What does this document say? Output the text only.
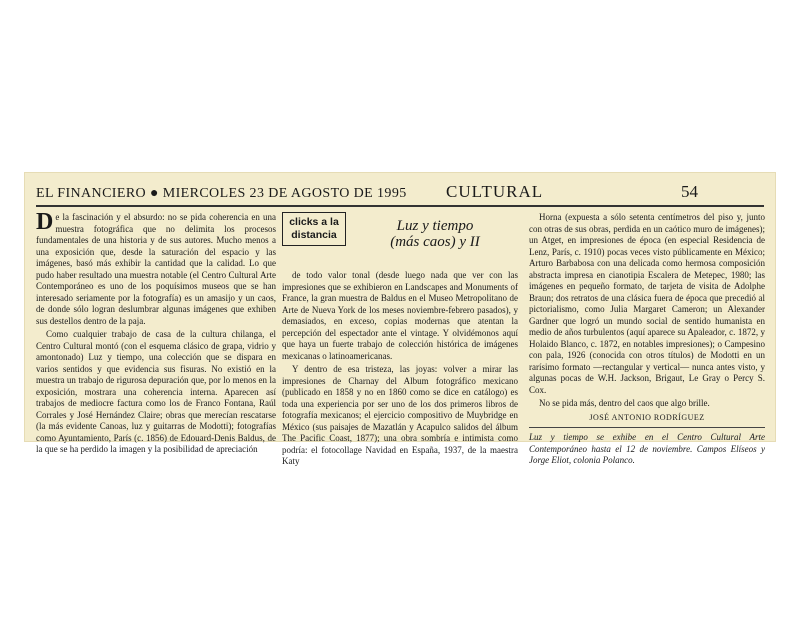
EL FINANCIERO ● MIERCOLES 23 DE AGOSTO DE 1995 CULTURAL	54

De la fascinación y el absurdo: no se pida coherencia en una muestra fotográfica que no delimita los procesos fundamentales de una historia y de sus autores. Mucho menos a una exposición que, desde la saturación del espacio y las imágenes, basó más exhibir la cantidad que la calidad. Lo que pudo haber resultado una muestra notable (el Centro Cultural Arte Contemporáneo es uno de los poquísimos museos que se han interesado seriamente por la fotografía) es un amasijo y un caos, de donde sólo logran deslumbrar algunas imágenes que exhiben sus destellos dentro de la paja.

Como cualquier trabajo de casa de la cultura chilanga, el Centro Cultural montó (con el esquema clásico de grapa, vidrio y amontonado) Luz y tiempo, una colección que se dispara en varios sentidos y que evidencia sus fisuras. No existió en la muestra un trabajo de rigurosa depuración que, por lo menos en la exposición, mostrara una coherencia interna. Aparecen así trabajos de mediocre factura como los de Franco Fontana, Raúl Corrales y José Hernández Claire; obras que merecían rescatarse (la más evidente Canoas, luz y guitarras de Modotti); fotografías como Ayuntamiento, París (c. 1856) de Edouard-Denis Baldus, de la que se ha perdido la imagen y la posibilidad de apreciación

clicks a la distancia
Luz y tiempo
(más caos) y II

de todo valor tonal (desde luego nada que ver con las impresiones que se exhibieron en Landscapes and Monuments of France, la gran muestra de Baldus en el Museo Metropolitano de Arte de Nueva York de los meses noviembre-febrero pasados), y demasiados, en exceso, copias modernas que atentan la percepción del espectador ante el vintage. Y olvidémonos aquí que haya un fuerte trabajo de colección histórica de imágenes mexicanas o latinoamericanas.

Y dentro de esa tristeza, las joyas: volver a mirar las impresiones de Charnay del Album fotográfico mexicano (publicado en 1858 y no en 1860 como se dice en catálogo) es toda una experiencia por ser uno de los dos primeros libros de fotografía mexicanos; el ejercicio compositivo de Muybridge en México (sus paisajes de Mazatlán y Acapulco salidos del álbum The Pacific Coast, 1877); una obra sombría e intimista como podría: el fotocollage Navidad en España, 1937, de la maestra Katy

Horna (expuesta a sólo setenta centímetros del piso y, junto con otras de sus obras, perdida en un caótico muro de imágenes); un Atget, en impresiones de época (en especial Residencia de Lenz, París, c. 1910) pocas veces visto públicamente en México; Arturo Barbabosa con una delicada como hermosa composición abstracta impresa en cianotipia Escalera de Metepec, 1980; las imágenes en pequeño formato, de tarjeta de visita de Adolphe Braun; dos retratos de una clásica fuera de época que precedió al pictorialismo, como Julia Margaret Cameron; un Alexander Gardner que logró un mundo social de sentido humanista en medio de años turbulentos (aquí aparece su Apaleador, c. 1872, y Holaido Blanco, c. 1872, en notables impresiones); o Campesino con pala, 1926 (conocida con otros títulos) de Modotti en un rarísimo formato —rectangular y vertical— nunca antes visto, y algunas pocas de W.H. Jackson, Brigaut, Le Gray o Percy S. Cox.

No se pida más, dentro del caos que algo brille.

JOSÉ ANTONIO RODRÍGUEZ

Luz y tiempo se exhibe en el Centro Cultural Arte Contemporáneo hasta el 12 de noviembre. Campos Elíseos y Jorge Eliot, colonia Polanco.
